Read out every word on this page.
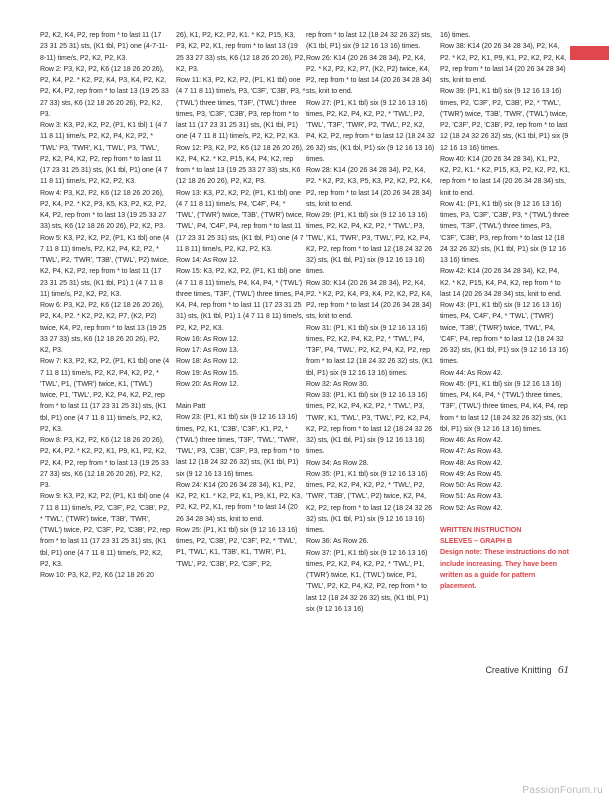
P2, K2, K4, P2, rep from * to last 11 (17 23 31 25 31) sts, (K1 tbl, P1) one (4-7-11-8-11) time/s, P2, K2, P2, K3.

Row 2: P3, K2, P2, K6 (12 18 26 20 26), P2, K4, P2. * K2, P2, K4, P3, K4, P2, K2, P2, K4, P2, rep from * to last 13 (19 25 33 27 33) sts, K6 (12 18 26 20 26), P2, K2, P3.

Row 3: K3, P2, K2, P2, (P1, K1 tbl) 1 (4 7 11 8 11) time/s, P2, K2, P4, K2, P2, * 'TWL' P3, 'TWR', K1, 'TWL', P3, 'TWL', P2, K2, P4, K2, P2, rep from * to last 11 (17 23 31 25 31) sts, (K1 tbl, P1) one (4 7 11 8 11) time/s, P2, K2, P2, K3.

Row 4: P3, K2, P2, K6 (12 18 26 20 26), P2, K4, P2. * K2, P3, K5, K3, P2, K2, P2, K4, P2, rep from * to last 13 (19 25 33 27 33) sts, K6 (12 18 26 20 26), P2, K2, P3.

Row 5: K3, P2, K2, P2, (P1, K1 tbl) one (4 7 11 8 11) time/s, P2, K2, P4, K2, P2, * 'TWL', P2, 'TWR', 'T3B', ('TWL', P2) twice, K2, P4, K2, P2, rep from * to last 11 (17 23 31 25 31) sts, (K1 tbl, P1) 1 (4 7 11 8 11) time/s, P2, K2, P2, K3.

Row 6: P3, K2, P2, K6 (12 18 26 20 26), P2, K4, P2. * K2, P2, K2, P7, (K2, P2) twice, K4, P2, rep from * to last 13 (19 25 33 27 33) sts, K6 (12 18 26 20 26), P2, K2, P3.

Row 7: K3, P2, K2, P2, (P1, K1 tbl) one (4 7 11 8 11) time/s, P2, K2, P4, K2, P2, * 'TWL', P1, ('TWR') twice, K1, ('TWL') twice, P1, 'TWL', P2, K2, P4, K2, P2, rep from * to last 11 (17 23 31 25 31) sts, (K1 tbl, P1) one (4 7 11 8 11) time/s, P2, K2, P2, K3.

Row 8: P3, K2, P2, K6 (12 18 26 20 26), P2, K4, P2. * K2, P2, K1, P9, K1, P2, K2, P2, K4, P2, rep from * to last 13 (19 25 33 27 33) sts, K6 (12 18 26 20 26), P2, K2, P3.

Row 9: K3, P2, K2, P2, (P1, K1 tbl) one (4 7 11 8 11) time/s, P2, 'C3F', P2, 'C3B', P2, * 'TWL', ('TWR') twice, 'T3B', 'TWR', ('TWL') twice, P2, 'C3F', P2, 'C3B', P2, rep from * to last 11 (17 23 31 25 31) sts, (K1 tbl, P1) one (4 7 11 8 11) time/s, P2, K2, P2, K3.

Row 10: P3, K2, P2, K6 (12 18 26 20

26), K1, P2, K2, P2, K1. * K2, P15, K3, P3, K2, P2, K1, rep from * to last 13 (19 25 33 27 33) sts, K6 (12 18 26 20 26), P2, K2, P3.

Row 11: K3, P2, K2, P2, (P1, K1 tbl) one (4 7 11 8 11) time/s, P3, 'C3F', 'C3B', P3, * ('TWL') three times, 'T3F', ('TWL') three times, P3, 'C3F', 'C3B', P3, rep from * to last 11 (17 23 31 25 31) sts, (K1 tbl, P1) one (4 7 11 8 11) time/s, P2, K2, P2, K3.

Row 12: P3, K2, P2, K6 (12 18 26 20 26), K2, P4, K2. * K2, P15, K4, P4, K2, rep from * to last 13 (19 25 33 27 33) sts, K6 (12 18 26 20 26), P2, K2, P3.

Row 13: K3, P2, K2, P2, (P1, K1 tbl) one (4 7 11 8 11) time/s, P4, 'C4F', P4, * 'TWL', ('TWR') twice, 'T3B', ('TWR') twice, 'TWL', P4, 'C4F', P4, rep from * to last 11 (17 23 31 25 31) sts, (K1 tbl, P1) one (4 7 11 8 11) time/s, P2, K2, P2, K3.

Row 14: As Row 12.

Row 15: K3, P2, K2, P2, (P1, K1 tbl) one (4 7 11 8 11) time/s, P4, K4, P4, * ('TWL') three times, 'T3F', ('TWL') three times, P4, K4, P4, rep from * to last 11 (17 23 31 25 31) sts, (K1 tbl, P1) 1 (4 7 11 8 11) time/s, P2, K2, P2, K3.

Row 16: As Row 12.

Row 17: As Row 13.

Row 18: As Row 12.

Row 19: As Row 15.

Row 20: As Row 12.

Main Patt

Row 23: (P1, K1 tbl) six (9 12 16 13 16) times, P2, K1, 'C3B', 'C3F', K1, P2, * ('TWL') three times, 'T3F', 'TWL', 'TWR', 'TWL', P3, 'C3B', 'C3F', P3, rep from * to last 12 (18 24 32 26 32) sts, (K1 tbl, P1) six (9 12 16 13 16) times.

Row 24: K14 (20 26 34 28 34), K1, P2, K2, P2, K1. * K2, P2, K1, P9, K1, P2, K3, P2, K2, P2, K1, rep from * to last 14 (20 26 34 28 34) sts, knit to end.

Row 25: (P1, K1 tbl) six (9 12 16 13 16) times, P2, 'C3B', P2, 'C3F', P2, * 'TWL', P1, 'TWL', K1, 'T3B', K1, 'TWR', P1, 'TWL', P2, 'C3B', P2, 'C3F', P2,

rep from * to last 12 (18 24 32 26 32) sts, (K1 tbl, P1) six (9 12 16 13 16) times.

Row 26: K14 (20 26 34 28 34), P2, K4, P2. * K2, P2, K2, P7, (K2, P2) twice, K4, P2, rep from * to last 14 (20 26 34 28 34) sts, knit to end.

Row 27: (P1, K1 tbl) six (9 12 16 13 16) times, P2, K2, P4, K2, P2, * 'TWL', P2, 'TWL', 'T3F', 'TWR', P2, 'TWL', P2, K2, P4, K2, P2, rep from * to last 12 (18 24 32 26 32) sts, (K1 tbl, P1) six (9 12 16 13 16) times.

Row 28: K14 (20 26 34 28 34), P2, K4, P2. * K2, P2, K3, P5, K3, P2, K2, P2, K4, P2, rep from * to last 14 (20 26 34 28 34) sts, knit to end.

Row 29: (P1, K1 tbl) six (9 12 16 13 16) times, P2, K2, P4, K2, P2, * 'TWL', P3, 'TWL', K1, 'TWR', P3, 'TWL', P2, K2, P4, K2, P2, rep from * to last 12 (18 24 32 26 32) sts, (K1 tbl, P1) six (9 12 16 13 16) times.

Row 30: K14 (20 26 34 28 34), P2, K4, P2. * K2, P2, K4, P3, K4, P2, K2, P2, K4, P2, rep from * to last 14 (20 26 34 28 34) sts, knit to end.

Row 31: (P1, K1 tbl) six (9 12 16 13 16) times, P2, K2, P4, K2, P2, * 'TWL', P4, 'T3F', P4, 'TWL', P2, K2, P4, K2, P2, rep from * to last 12 (18 24 32 26 32) sts, (K1 tbl, P1) six (9 12 16 13 16) times.

Row 32: As Row 30.

Row 33: (P1, K1 tbl) six (9 12 16 13 16) times, P2, K2, P4, K2, P2, * 'TWL', P3, 'TWR', K1, 'TWL', P3, 'TWL', P2, K2, P4, K2, P2, rep from * to last 12 (18 24 32 26 32) sts, (K1 tbl, P1) six (9 12 16 13 16) times.

Row 34: As Row 28.

Row 35: (P1, K1 tbl) six (9 12 16 13 16) times, P2, K2, P4, K2, P2, * 'TWL', P2, 'TWR', 'T3B', ('TWL', P2) twice, K2, P4, K2, P2, rep from * to last 12 (18 24 32 26 32) sts, (K1 tbl, P1) six (9 12 16 13 16) times.

Row 36: As Row 26.

Row 37: (P1, K1 tbl) six (9 12 16 13 16) times, P2, K2, P4, K2, P2, * 'TWL', P1, ('TWR') twice, K1, ('TWL') twice, P1, 'TWL', P2, K2, P4, K2, P2, rep from * to last 12 (18 24 32 26 32) sts, (K1 tbl, P1) six (9 12 16 13 16)

16) times.

Row 38: K14 (20 26 34 28 34), P2, K4, P2. * K2, P2, K1, P9, K1, P2, K2, P2, K4, P2, rep from * to last 14 (20 26 34 28 34) sts, knit to end.

Row 39: (P1, K1 tbl) six (9 12 16 13 16) times, P2, 'C3F', P2, 'C3B', P2, * 'TWL', ('TWR') twice, 'T3B', 'TWR', ('TWL') twice, P2, 'C3F', P2, 'C3B', P2, rep from * to last 12 (18 24 32 26 32) sts, (K1 tbl, P1) six (9 12 16 13 16) times.

Row 40: K14 (20 26 34 28 34), K1, P2, K2, P2, K1. * K2, P15, K3, P2, K2, P2, K1, rep from * to last 14 (20 26 34 28 34) sts, knit to end.

Row 41: (P1, K1 tbl) six (9 12 16 13 16) times, P3, 'C3F', 'C3B', P3, * ('TWL') three times, 'T3F', ('TWL') three times, P3, 'C3F', 'C3B', P3, rep from * to last 12 (18 24 32 26 32) sts, (K1 tbl, P1) six (9 12 16 13 16) times.

Row 42: K14 (20 26 34 28 34), K2, P4, K2. * K2, P15, K4, P4, K2, rep from * to last 14 (20 26 34 28 34) sts, knit to end.

Row 43: (P1, K1 tbl) six (9 12 16 13 16) times, P4, 'C4F', P4, * 'TWL', ('TWR') twice, 'T3B', ('TWR') twice, 'TWL', P4, 'C4F', P4, rep from * to last 12 (18 24 32 26 32) sts, (K1 tbl, P1) six (9 12 16 13 16) times.

Row 44: As Row 42.

Row 45: (P1, K1 tbl) six (9 12 16 13 16) times, P4, K4, P4, * ('TWL') three times, 'T3F', ('TWL') three times, P4, K4, P4, rep from * to last 12 (18 24 32 26 32) sts, (K1 tbl, P1) six (9 12 16 13 16) times.

Row 46: As Row 42.

Row 47: As Row 43.

Row 48: As Row 42.

Row 49: As Row 45.

Row 50: As Row 42.

Row 51: As Row 43.

Row 52: As Row 42.

WRITTEN INSTRUCTION
SLEEVES – GRAPH B

Design note: These instructions do not include increasing. They have been written as a guide for pattern placement.

Creative Knitting 61
PassionForum.ru
